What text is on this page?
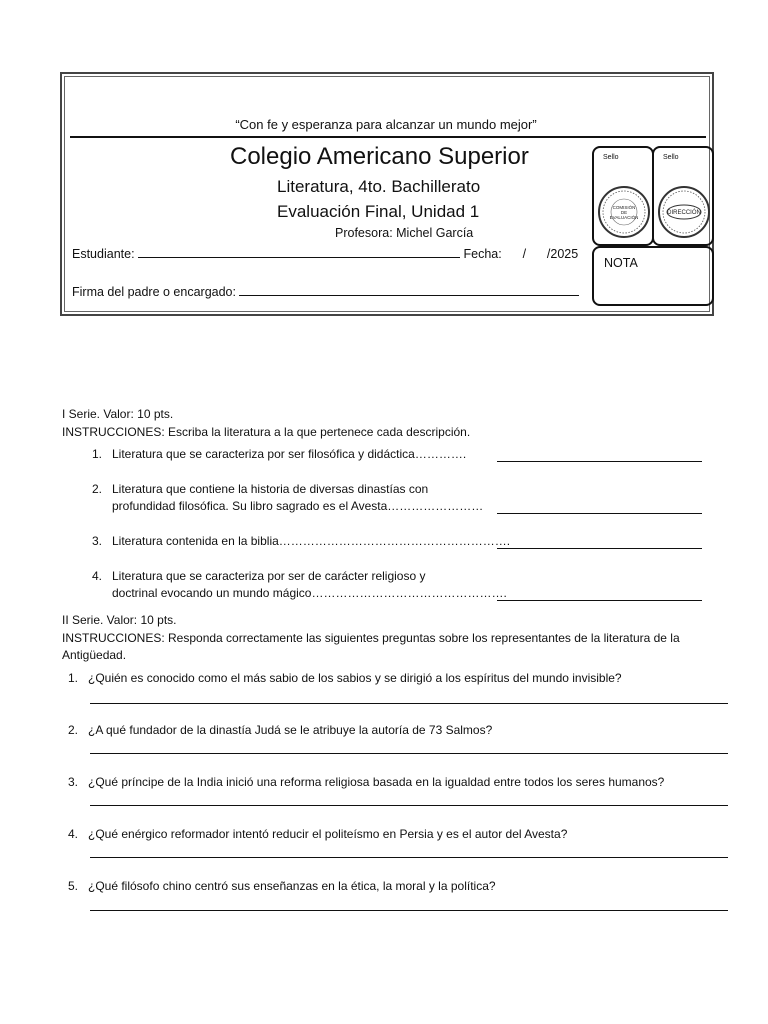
“Con fe y esperanza para alcanzar un mundo mejor”
Colegio Americano Superior
Literatura, 4to. Bachillerato
Evaluación Final, Unidad 1
Profesora: Michel García
Estudiante:	Fecha: / /2025
Firma del padre o encargado:
Sello
COMISIÓN
DE
EVALUACIÓN
Sello
DIRECCIÓN
NOTA
I Serie. Valor: 10 pts.
INSTRUCCIONES: Escriba la literatura a la que pertenece cada descripción.
1. Literatura que se caracteriza por ser filosófica y didáctica………….
2. Literatura que contiene la historia de diversas dinastías con
profundidad filosófica. Su libro sagrado es el Avesta……………………
3. Literatura contenida en la biblia………………………………………………….
4. Literatura que se caracteriza por ser de carácter religioso y
doctrinal evocando un mundo mágico………………………………………….
II Serie. Valor: 10 pts.
INSTRUCCIONES: Responda correctamente las siguientes preguntas sobre los representantes de la literatura de la
Antigüedad.
1. ¿Quién es conocido como el más sabio de los sabios y se dirigió a los espíritus del mundo invisible?
2. ¿A qué fundador de la dinastía Judá se le atribuye la autoría de 73 Salmos?
3. ¿Qué príncipe de la India inició una reforma religiosa basada en la igualdad entre todos los seres humanos?
4. ¿Qué enérgico reformador intentó reducir el politeísmo en Persia y es el autor del Avesta?
5. ¿Qué filósofo chino centró sus enseñanzas en la ética, la moral y la política?
